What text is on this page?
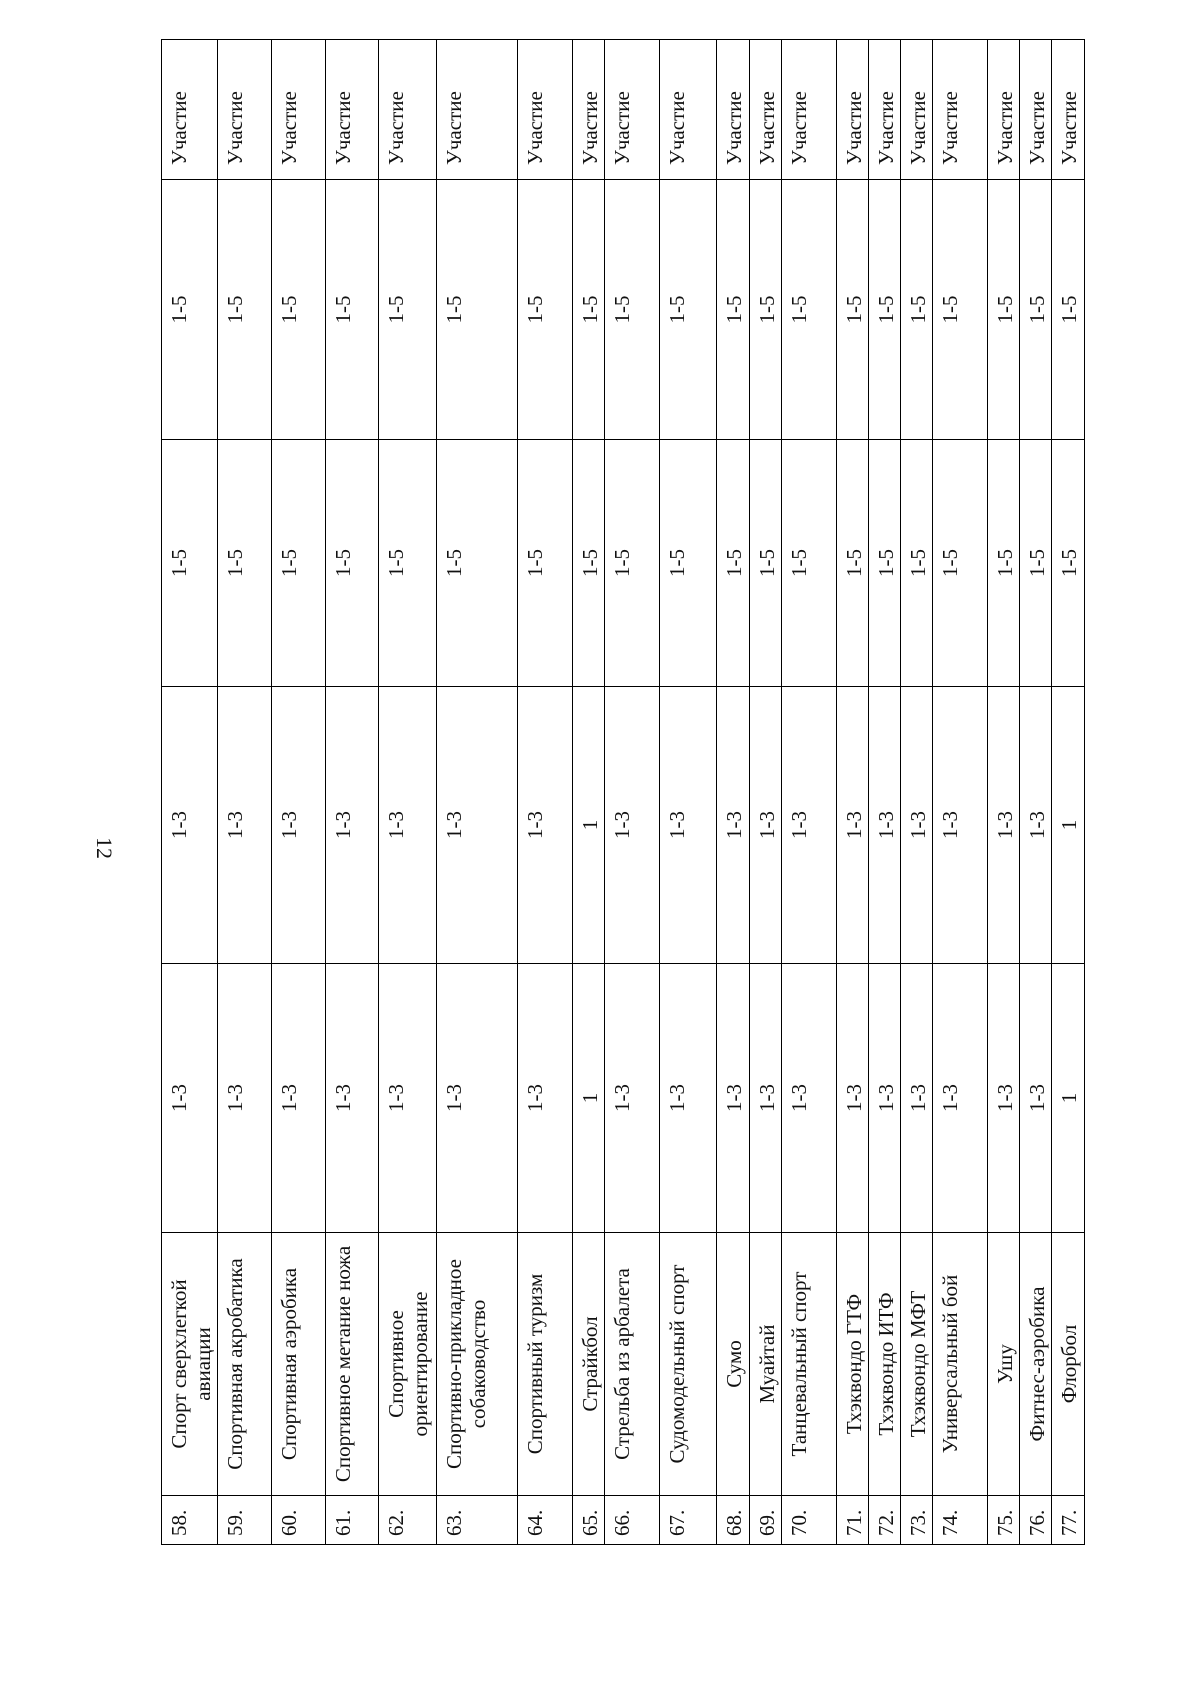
12
58.	Спорт сверхлегкой авиации	1-3	1-3	1-5	1-5	Участие
59.	Спортивная акробатика	1-3	1-3	1-5	1-5	Участие
60.	Спортивная аэробика	1-3	1-3	1-5	1-5	Участие
61.	Спортивное метание ножа	1-3	1-3	1-5	1-5	Участие
62.	Спортивное ориентирование	1-3	1-3	1-5	1-5	Участие
63.	Спортивно-прикладное собаководство	1-3	1-3	1-5	1-5	Участие
64.	Спортивный туризм	1-3	1-3	1-5	1-5	Участие
65.	Страйкбол	1	1	1-5	1-5	Участие
66.	Стрельба из арбалета	1-3	1-3	1-5	1-5	Участие
67.	Судомодельный спорт	1-3	1-3	1-5	1-5	Участие
68.	Сумо	1-3	1-3	1-5	1-5	Участие
69.	Муайтай	1-3	1-3	1-5	1-5	Участие
70.	Танцевальный спорт	1-3	1-3	1-5	1-5	Участие
71.	Тхэквондо ГТФ	1-3	1-3	1-5	1-5	Участие
72.	Тхэквондо ИТФ	1-3	1-3	1-5	1-5	Участие
73.	Тхэквондо МФТ	1-3	1-3	1-5	1-5	Участие
74.	Универсальный бой	1-3	1-3	1-5	1-5	Участие
75.	Ушу	1-3	1-3	1-5	1-5	Участие
76.	Фитнес-аэробика	1-3	1-3	1-5	1-5	Участие
77.	Флорбол	1	1	1-5	1-5	Участие
